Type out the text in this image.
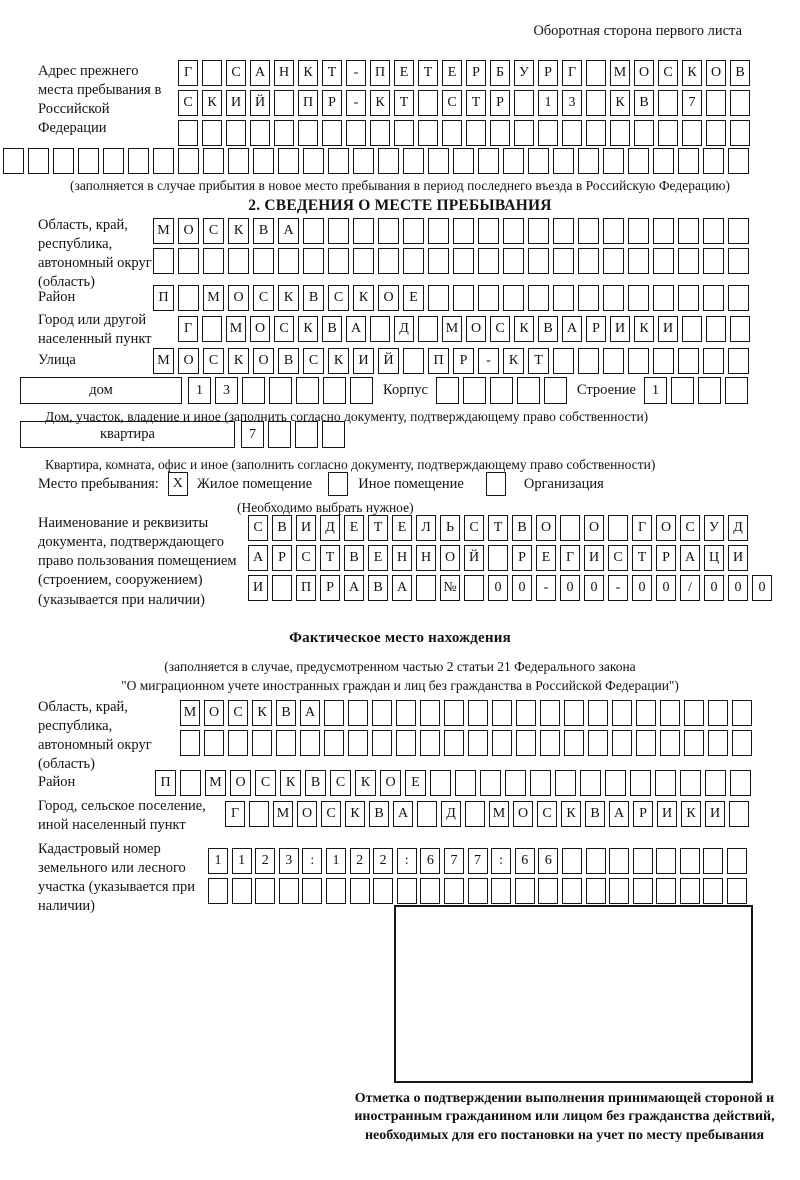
Оборотная сторона первого листа
Адрес прежнего места пребывания в Российской Федерации
Г	С	А Н	К	Т	-	П	Е	Т	Е	Р	Б	У	Р	Г	М О	С	К	О	В
С	К	И Й	П	Р	-	К	Т	С	Т	Р	1	3	К	В	7
(заполняется в случае прибытия в новое место пребывания в период последнего въезда в Российскую Федерацию)
2. СВЕДЕНИЯ О МЕСТЕ ПРЕБЫВАНИЯ
Область, край, республика, автономный округ (область)
М О	С	К	В	А
Район	П	М О	С	К	В	С	К	О	Е
Город или другой населенный пункт
Г	М О	С	К	В	А	Д	М О	С	К	В	А	Р	И	К	И
Улица	М О	С	К	О	В	С	К	И	Й	П	Р	-	К	Т
дом	1	3	Корпус	Строение	1
Дом, участок, владение и иное (заполнить согласно документу, подтверждающему право собственности)
квартира	7
Квартира, комната, офис и иное (заполнить согласно документу, подтверждающему право собственности)
Место пребывания: X Жилое помещение	Иное помещение	Организация
(Необходимо выбрать нужное)
Наименование и реквизиты документа, подтверждающего право пользования помещением (строением, сооружением) (указывается при наличии)
С	В	И	Д	Е	Т	Е	Л	Ь	С	Т	В	О	О	Г	О	С	У	Д
А	Р	С	Т	В	Е	Н Н О Й	Р	Е	Г	И	С	Т	Р	А Ц И
И	П	Р	А	В	А	№	0	0	-	0	0	-	0	0	/	0	0	0
Фактическое место нахождения
(заполняется в случае, предусмотренном частью 2 статьи 21 Федерального закона
"О миграционном учете иностранных граждан и лиц без гражданства в Российской Федерации")
Область, край, республика, автономный округ (область)
М О	С	К	В	А
Район	П	М О	С	К	В	С	К	О	Е
Город, сельское поселение, иной населенный пункт
Г	М О	С	К	В	А	Д	М О	С	К	В	А	Р	И	К	И
Кадастровый номер земельного или лесного участка (указывается при наличии)
1	1	2	3	:	1	2	2	:	6	7	7	:	6	6
Отметка о подтверждении выполнения принимающей стороной и иностранным гражданином или лицом без гражданства действий, необходимых для его постановки на учет по месту пребывания
